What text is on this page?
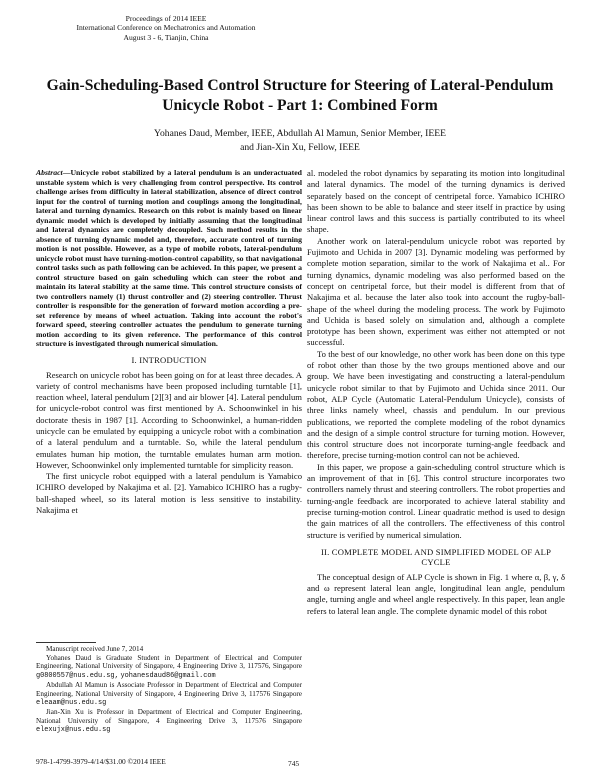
Proceedings of 2014 IEEE
International Conference on Mechatronics and Automation
August 3 - 6, Tianjin, China
Gain-Scheduling-Based Control Structure for Steering of Lateral-Pendulum Unicycle Robot - Part 1: Combined Form
Yohanes Daud, Member, IEEE, Abdullah Al Mamun, Senior Member, IEEE
and Jian-Xin Xu, Fellow, IEEE
Abstract—Unicycle robot stabilized by a lateral pendulum is an underactuated unstable system which is very challenging from control perspective. Its control challenge arises from difficulty in lateral stabilization, absence of direct control input for the control of turning motion and couplings among the longitudinal, lateral and turning dynamics. Research on this robot is mainly based on linear dynamic model which is developed by initially assuming that the longitudinal and lateral dynamics are completely decoupled. Such method results in the absence of turning dynamic model and, therefore, accurate control of turning motion is not possible. However, as a type of mobile robots, lateral-pendulum unicycle robot must have turning-motion-control capability, so that navigational control tasks such as path following can be achieved. In this paper, we present a control structure based on gain scheduling which can steer the robot and maintain its lateral stability at the same time. This control structure consists of two controllers namely (1) thrust controller and (2) steering controller. Thrust controller is responsible for the generation of forward motion according a pre-set reference by means of wheel actuation. Taking into account the robot's forward speed, steering controller actuates the pendulum to generate turning motion according to its given reference. The performance of this control structure is investigated through numerical simulation.
I. INTRODUCTION

Research on unicycle robot has been going on for at least three decades. A variety of control mechanisms have been proposed including turntable [1], reaction wheel, lateral pendulum [2][3] and air blower [4]. Lateral pendulum for unicycle-robot control was first mentioned by A. Schoonwinkel in his doctorate thesis in 1987 [1]. According to Schoonwinkel, a human-ridden unicycle can be emulated by equipping a unicycle robot with a combination of a lateral pendulum and a turntable. So, while the lateral pendulum emulates human hip motion, the turntable emulates human arm motion. However, Schoonwinkel only implemented turntable for simplicity reason.

The first unicycle robot equipped with a lateral pendulum is Yamabico ICHIRO developed by Nakajima et al. [2]. Yamabico ICHIRO has a rugby-ball-shaped wheel, so its lateral motion is less sensitive to instability. Nakajima et

Manuscript received June 7, 2014
Yohanes Daud is Graduate Student in Department of Electrical and Computer Engineering, National University of Singapore, 4 Engineering Drive 3, 117576, Singapore g0800557@nus.edu.sg, yohanesdaud86@gmail.com
Abdullah Al Mamun is Associate Professor in Department of Electrical and Computer Engineering, National University of Singapore, 4 Engineering Drive 3, 117576 Singapore eleaam@nus.edu.sg
Jian-Xin Xu is Professor in Department of Electrical and Computer Engineering, National University of Singapore, 4 Engineering Drive 3, 117576 Singapore elexujx@nus.edu.sg

al. modeled the robot dynamics by separating its motion into longitudinal and lateral dynamics. The model of the turning dynamics is derived separately based on the concept of centripetal force. Yamabico ICHIRO has been shown to be able to balance and steer itself in practice by using linear control laws and this success is partially contributed to its wheel shape.

Another work on lateral-pendulum unicycle robot was reported by Fujimoto and Uchida in 2007 [3]. Dynamic modeling was performed by complete motion separation, similar to the work of Nakajima et al.. For turning dynamics, dynamic modeling was also performed based on the concept on centripetal force, but their model is different from that of Nakajima et al. because the later also took into account the rugby-ball-shape of the wheel during the modeling process. The work by Fujimoto and Uchida is based solely on simulation and, although a complete prototype has been shown, experiment was either not attempted or not successful.

To the best of our knowledge, no other work has been done on this type of robot other than those by the two groups mentioned above and our group. We have been investigating and constructing a lateral-pendulum unicycle robot similar to that by Fujimoto and Uchida since 2011. Our robot, ALP Cycle (Automatic Lateral-Pendulum Unicycle), consists of three links namely wheel, chassis and pendulum. In our previous publications, we reported the complete modeling of the robot dynamics and the design of a simple control structure for turning motion. However, this control structure does not incorporate turning-angle feedback and therefore, precise turning-motion control can not be achieved.

In this paper, we propose a gain-scheduling control structure which is an improvement of that in [6]. This control structure incorporates two controllers namely thrust and steering controllers. The robot properties and turning-angle feedback are incorporated to achieve lateral stability and precise turning-motion control. Linear quadratic method is used to design the gain matrices of all the controllers. The effectiveness of this control structure is verified by numerical simulation.

II. COMPLETE MODEL AND SIMPLIFIED MODEL OF ALP CYCLE

The conceptual design of ALP Cycle is shown in Fig. 1 where α, β, γ, δ and ω represent lateral lean angle, longitudinal lean angle, pendulum angle, turning angle and wheel angle respectively. In this paper, lean angle refers to lateral lean angle. The complete dynamic model of this robot

978-1-4799-3979-4/14/$31.00 ©2014 IEEE	745
